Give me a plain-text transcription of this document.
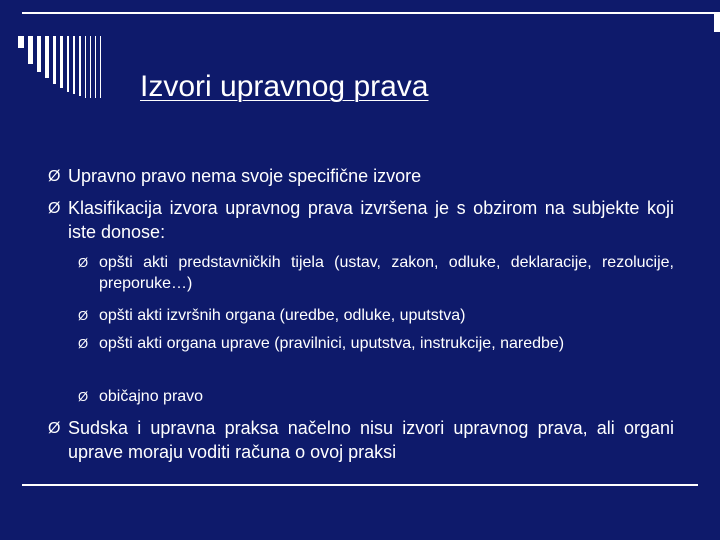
Izvori upravnog prava
Ø Upravno pravo nema svoje specifične izvore
Ø Klasifikacija izvora upravnog prava izvršena je s obzirom na subjekte koji iste donose:
Ø opšti akti predstavničkih tijela (ustav, zakon, odluke, deklaracije, rezolucije, preporuke…)
Ø opšti akti izvršnih organa (uredbe, odluke, uputstva)
Ø opšti akti organa uprave (pravilnici, uputstva, instrukcije, naredbe)
Ø običajno pravo
Ø Sudska i upravna praksa načelno nisu izvori upravnog prava, ali organi uprave moraju voditi računa o ovoj praksi
